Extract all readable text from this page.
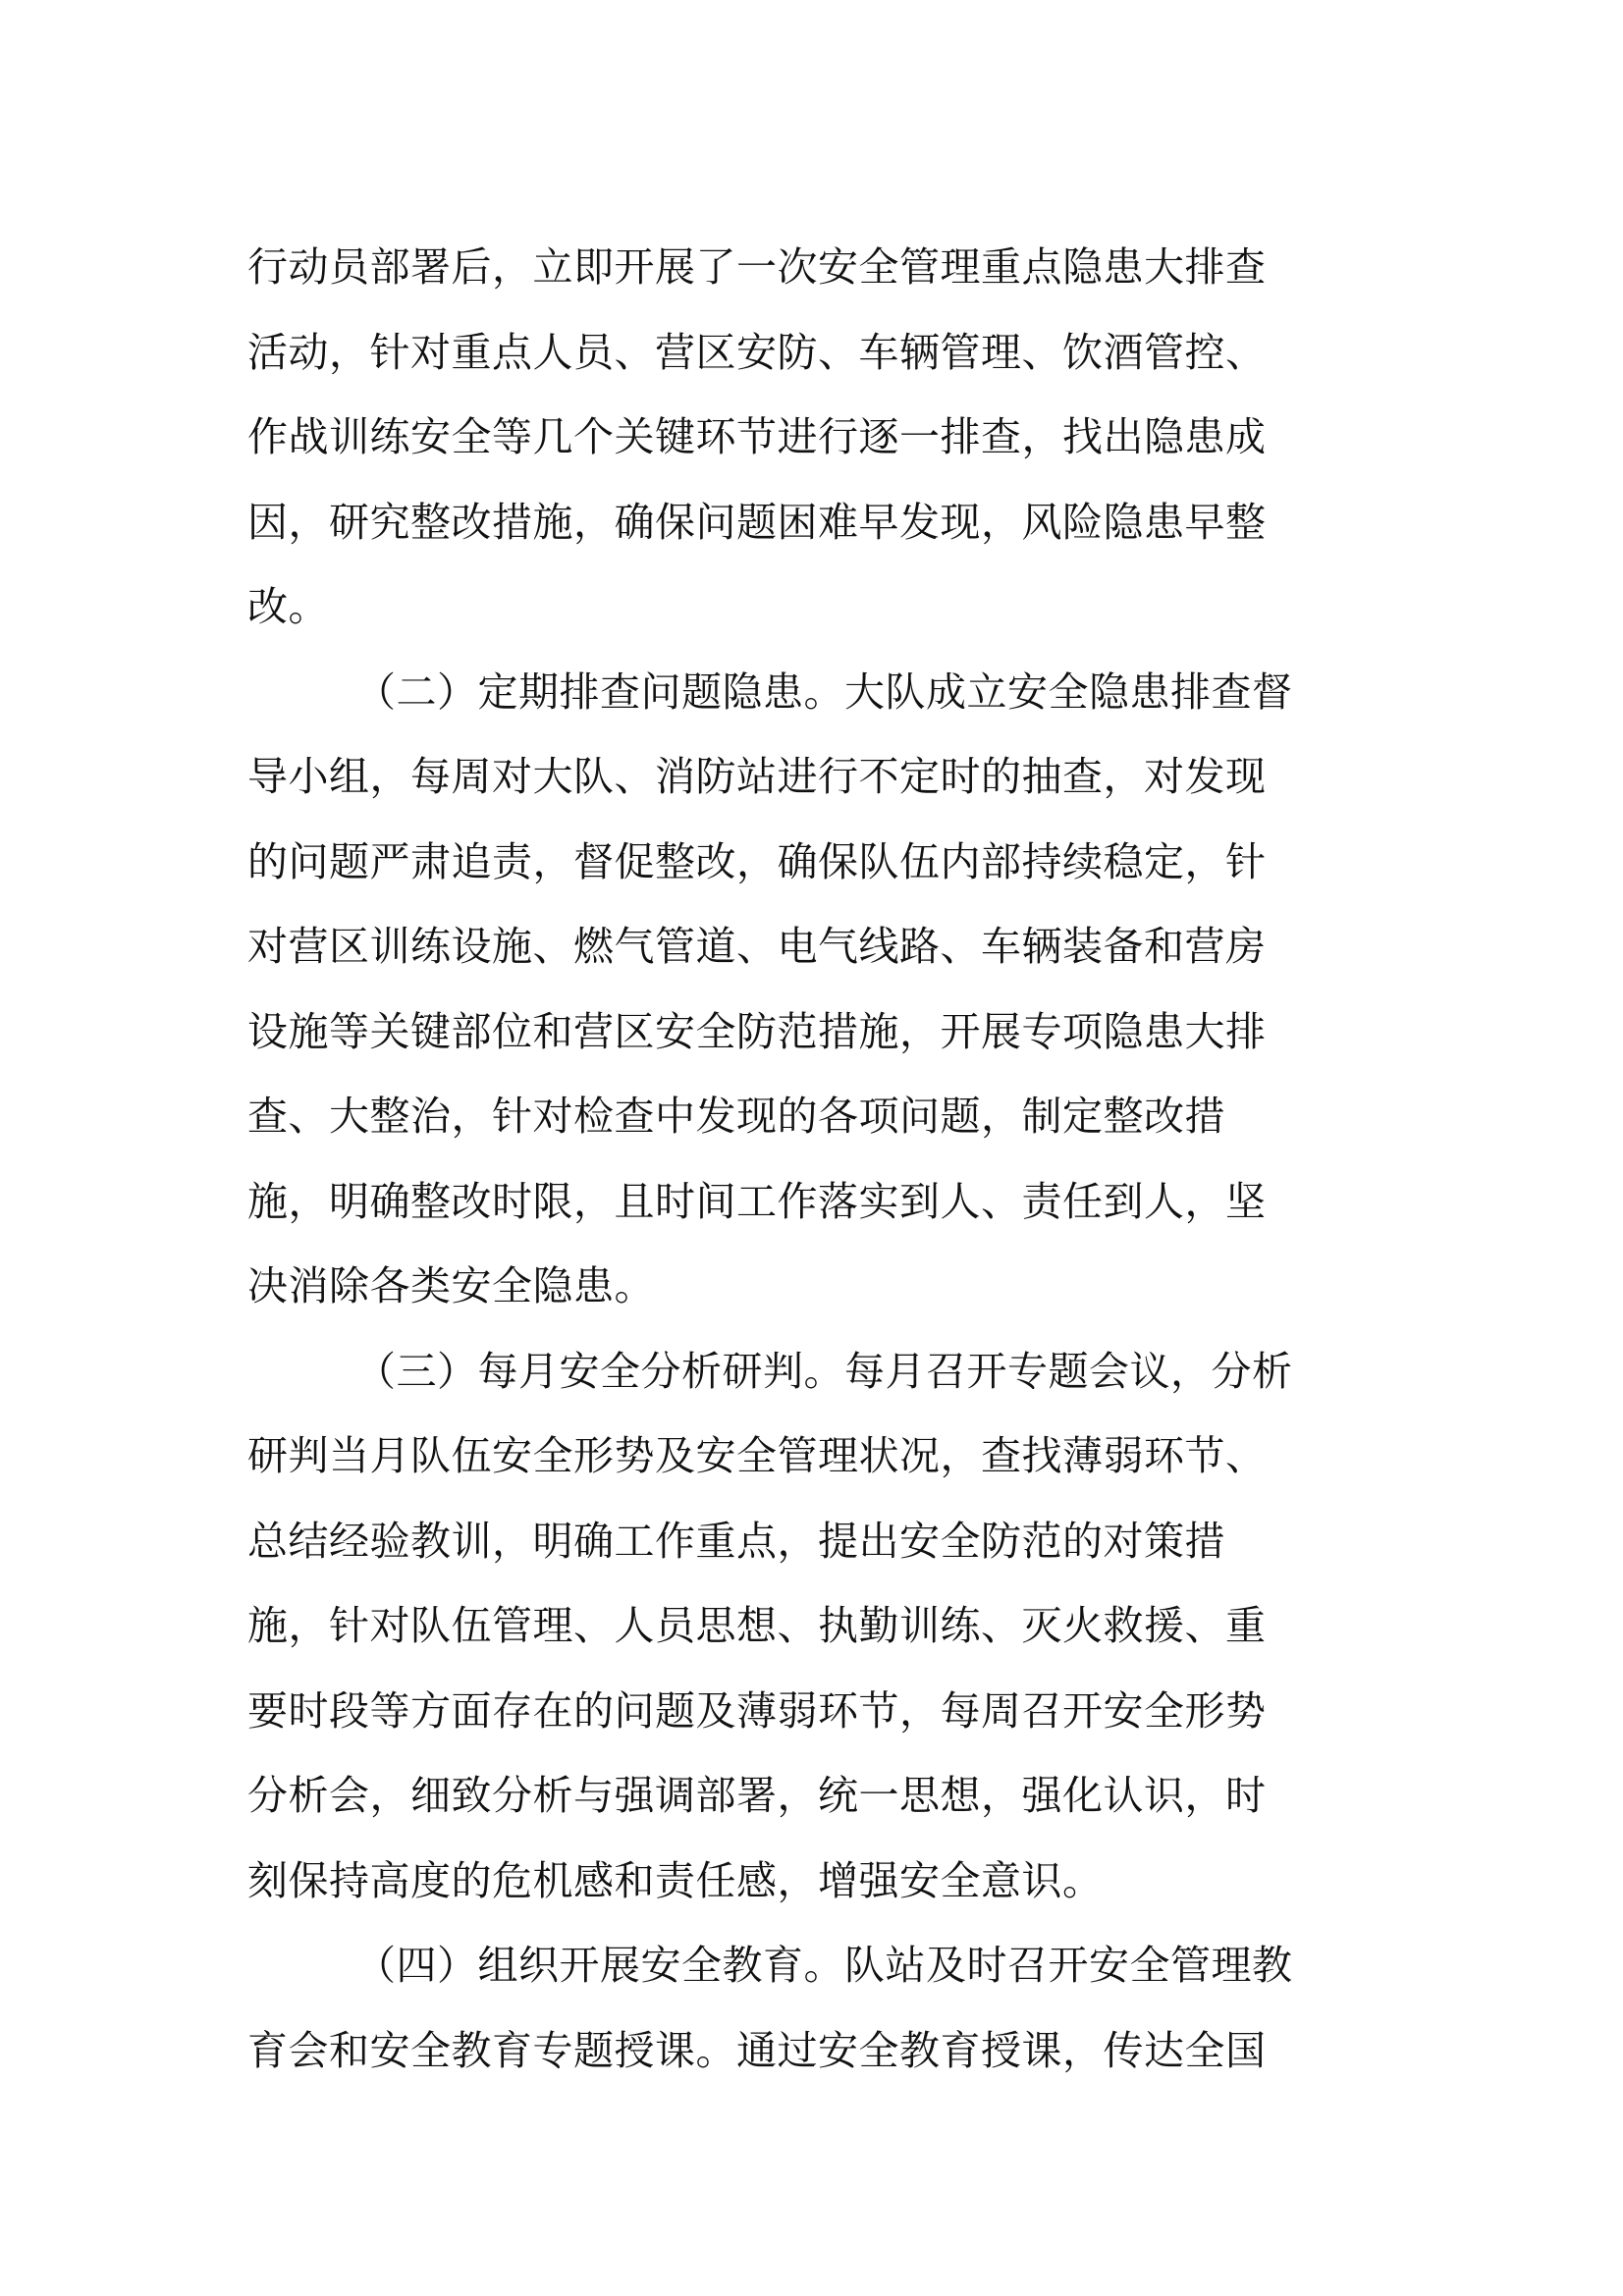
行动员部署后，立即开展了一次安全管理重点隐患大排查
活动，针对重点人员、营区安防、车辆管理、饮酒管控、
作战训练安全等几个关键环节进行逐一排查，找出隐患成
因，研究整改措施，确保问题困难早发现，风险隐患早整
改。
（二）定期排查问题隐患。大队成立安全隐患排查督
导小组，每周对大队、消防站进行不定时的抽查，对发现
的问题严肃追责，督促整改，确保队伍内部持续稳定，针
对营区训练设施、燃气管道、电气线路、车辆装备和营房
设施等关键部位和营区安全防范措施，开展专项隐患大排
查、大整治，针对检查中发现的各项问题，制定整改措
施，明确整改时限，且时间工作落实到人、责任到人，坚
决消除各类安全隐患。
（三）每月安全分析研判。每月召开专题会议，分析
研判当月队伍安全形势及安全管理状况，查找薄弱环节、
总结经验教训，明确工作重点，提出安全防范的对策措
施，针对队伍管理、人员思想、执勤训练、灭火救援、重
要时段等方面存在的问题及薄弱环节，每周召开安全形势
分析会，细致分析与强调部署，统一思想，强化认识，时
刻保持高度的危机感和责任感，增强安全意识。
（四）组织开展安全教育。队站及时召开安全管理教
育会和安全教育专题授课。通过安全教育授课，传达全国
